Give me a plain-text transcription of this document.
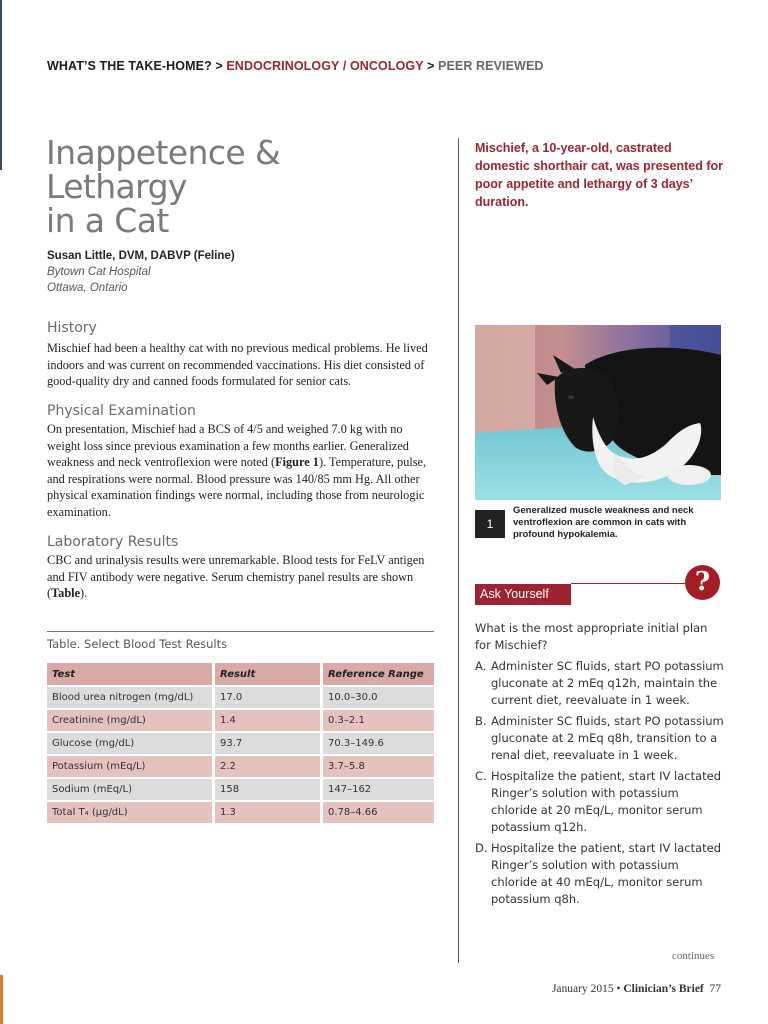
WHAT’S THE TAKE-HOME? > ENDOCRINOLOGY / ONCOLOGY > PEER REVIEWED
Inappetence & Lethargy
in a Cat
Susan Little, DVM, DABVP (Feline)
Bytown Cat Hospital
Ottawa, Ontario
History

Mischief had been a healthy cat with no previous medical problems. He lived indoors and was current on recommended vaccinations. His diet consisted of good-quality dry and canned foods formulated for senior cats.

Physical Examination

On presentation, Mischief had a BCS of 4/5 and weighed 7.0 kg with no weight loss since previous examination a few months earlier. Generalized weakness and neck ventroflexion were noted (Figure 1). Temperature, pulse, and respirations were normal. Blood pressure was 140/85 mm Hg. All other physical examination findings were normal, including those from neurologic examination.

Laboratory Results

CBC and urinalysis results were unremarkable. Blood tests for FeLV antigen and FIV antibody were negative. Serum chemistry panel results are shown (Table).

Table. Select Blood Test Results
Test	Result	Reference Range
Blood urea nitrogen (mg/dL)	17.0	10.0–30.0
Creatinine (mg/dL)	1.4	0.3–2.1
Glucose (mg/dL)	93.7	70.3–149.6
Potassium (mEq/L)	2.2	3.7–5.8
Sodium (mEq/L)	158	147–162
Total T₄ (µg/dL)	1.3	0.78–4.66

Mischief, a 10-year-old, castrated domestic shorthair cat, was presented for poor appetite and lethargy of 3 days’ duration.

1
Generalized muscle weakness and neck ventroflexion are common in cats with profound hypokalemia.
Ask Yourself	?

What is the most appropriate initial plan for Mischief?

A. Administer SC fluids, start PO potassium gluconate at 2 mEq q12h, maintain the current diet, reevaluate in 1 week.
B. Administer SC fluids, start PO potassium gluconate at 2 mEq q8h, transition to a renal diet, reevaluate in 1 week.
C. Hospitalize the patient, start IV lactated Ringer’s solution with potassium chloride at 20 mEq/L, monitor serum potassium q12h.
D. Hospitalize the patient, start IV lactated Ringer’s solution with potassium chloride at 40 mEq/L, monitor serum potassium q8h.
continues
January 2015 • Clinician’s Brief 77
